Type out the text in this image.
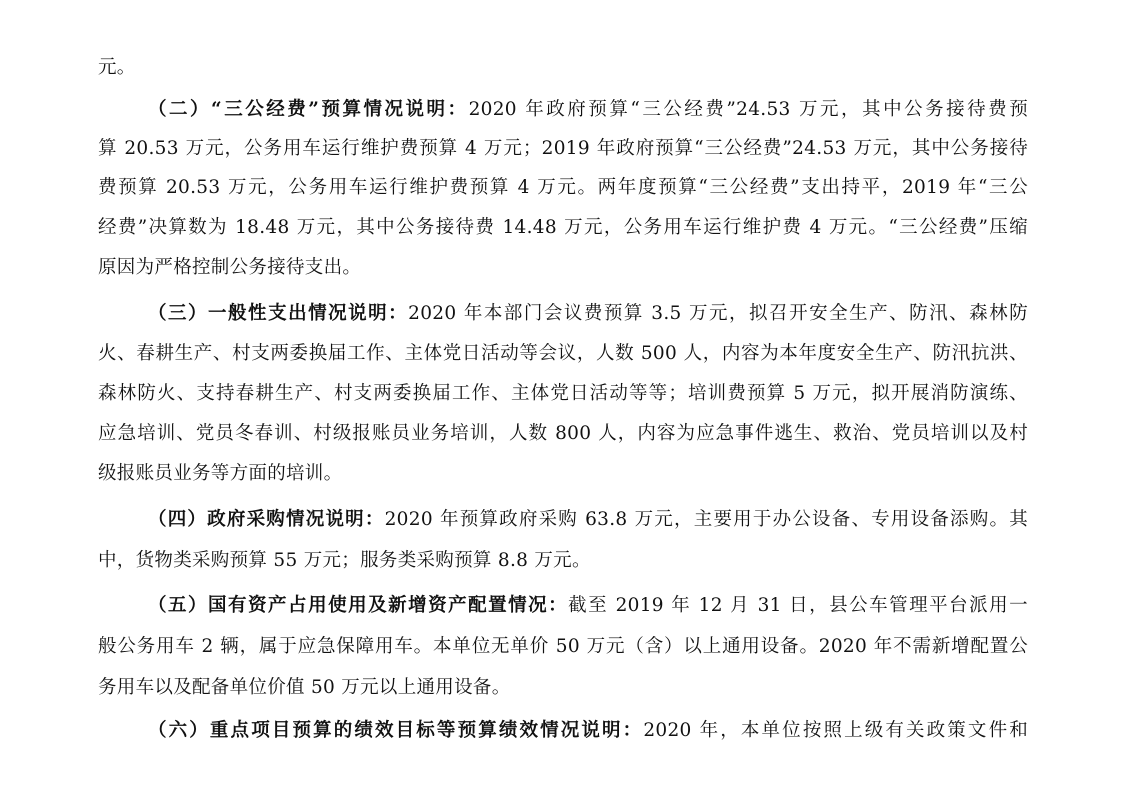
元。
（二）“三公经费”预算情况说明：2020 年政府预算“三公经费”24.53 万元，其中公务接待费预
算 20.53 万元，公务用车运行维护费预算 4 万元；2019 年政府预算“三公经费”24.53 万元，其中公务接待
费预算 20.53 万元，公务用车运行维护费预算 4 万元。两年度预算“三公经费”支出持平，2019 年“三公
经费”决算数为 18.48 万元，其中公务接待费 14.48 万元，公务用车运行维护费 4 万元。“三公经费”压缩
原因为严格控制公务接待支出。
（三）一般性支出情况说明：2020 年本部门会议费预算 3.5 万元，拟召开安全生产、防汛、森林防
火、春耕生产、村支两委换届工作、主体党日活动等会议，人数 500 人，内容为本年度安全生产、防汛抗洪、
森林防火、支持春耕生产、村支两委换届工作、主体党日活动等等；培训费预算 5 万元，拟开展消防演练、
应急培训、党员冬春训、村级报账员业务培训，人数 800 人，内容为应急事件逃生、救治、党员培训以及村
级报账员业务等方面的培训。
（四）政府采购情况说明：2020 年预算政府采购 63.8 万元，主要用于办公设备、专用设备添购。其
中，货物类采购预算 55 万元；服务类采购预算 8.8 万元。
（五）国有资产占用使用及新增资产配置情况：截至 2019 年 12 月 31 日，县公车管理平台派用一
般公务用车 2 辆，属于应急保障用车。本单位无单价 50 万元（含）以上通用设备。2020 年不需新增配置公
务用车以及配备单位价值 50 万元以上通用设备。
（六）重点项目预算的绩效目标等预算绩效情况说明：2020 年，本单位按照上级有关政策文件和
